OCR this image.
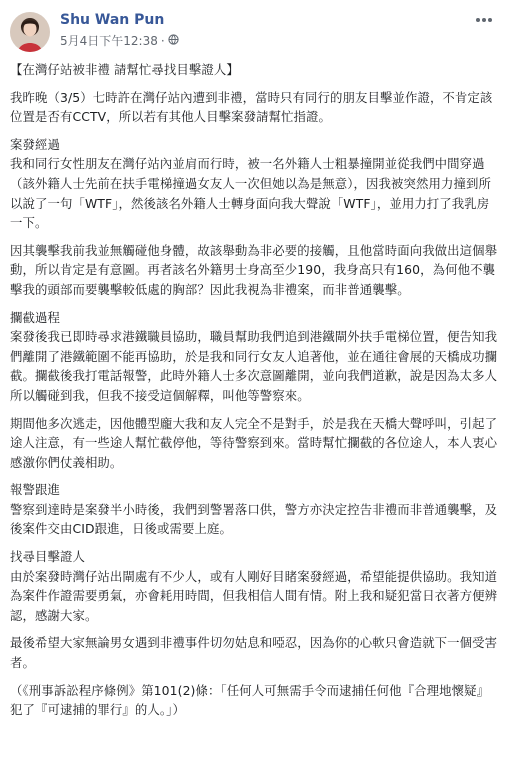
Shu Wan Pun
5月4日下午12:38 ·

【在灣仔站被非禮 請幫忙尋找目擊證人】

我昨晚（3/5）七時許在灣仔站內遭到非禮，當時只有同行的朋友目擊並作證，不肯定該位置是否有CCTV，所以若有其他人目擊案發請幫忙指證。

案發經過
我和同行女性朋友在灣仔站內並肩而行時，被一名外籍人士粗暴撞開並從我們中間穿過（該外籍人士先前在扶手電梯撞過女友人一次但她以為是無意），因我被突然用力撞到所以說了一句「WTF」，然後該名外籍人士轉身面向我大聲說「WTF」，並用力打了我乳房一下。

因其襲擊我前我並無觸碰他身體，故該舉動為非必要的接觸，且他當時面向我做出這個舉動，所以肯定是有意圖。再者該名外籍男士身高至少190，我身高只有160，為何他不襲擊我的頭部而要襲擊較低處的胸部？因此我視為非禮案，而非普通襲擊。

攔截過程
案發後我已即時尋求港鐵職員協助，職員幫助我們追到港鐵閘外扶手電梯位置，便告知我們離開了港鐵範圍不能再協助，於是我和同行女友人追著他，並在通往會展的天橋成功攔截。攔截後我打電話報警，此時外籍人士多次意圖離開，並向我們道歉，說是因為太多人所以觸碰到我，但我不接受這個解釋，叫他等警察來。

期間他多次逃走，因他體型龐大我和友人完全不是對手，於是我在天橋大聲呼叫，引起了途人注意，有一些途人幫忙截停他，等待警察到來。當時幫忙攔截的各位途人，本人衷心感激你們仗義相助。

報警跟進
警察到達時是案發半小時後，我們到警署落口供，警方亦決定控告非禮而非普通襲擊，及後案件交由CID跟進，日後或需要上庭。

找尋目擊證人
由於案發時灣仔站出閘處有不少人，或有人剛好目睹案發經過，希望能提供協助。我知道為案件作證需要勇氣，亦會耗用時間，但我相信人間有情。附上我和疑犯當日衣著方便辨認，感謝大家。

最後希望大家無論男女遇到非禮事件切勿姑息和啞忍，因為你的心軟只會造就下一個受害者。

（《刑事訴訟程序條例》第101(2)條：「任何人可無需手令而逮捕任何他『合理地懷疑』犯了『可逮捕的罪行』的人。」）
